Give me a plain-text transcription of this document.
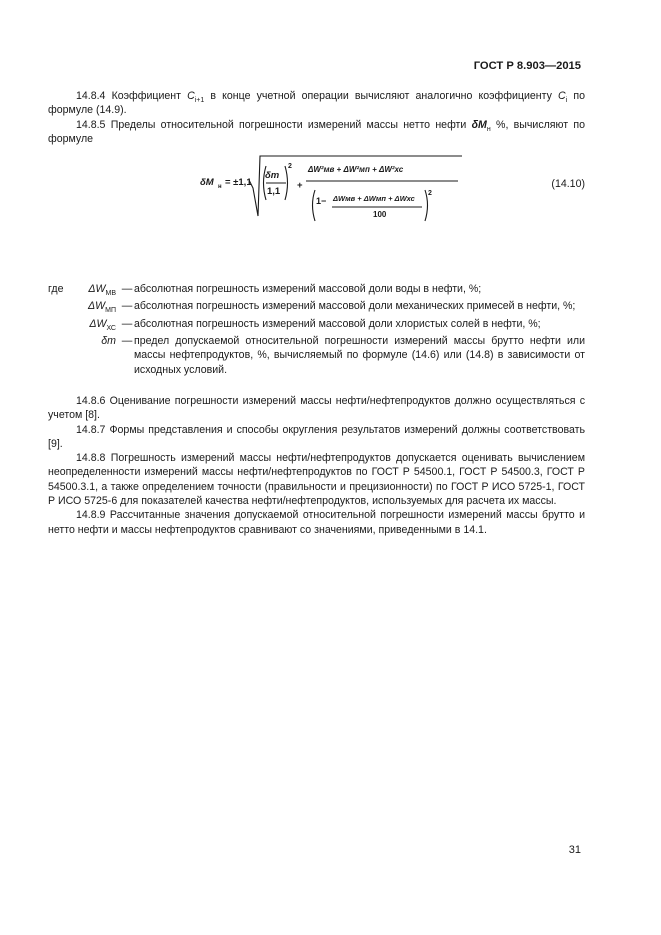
ГОСТ Р 8.903—2015

14.8.4 Коэффициент $C_{i+1}$ в конце учетной операции вычисляют аналогично коэффициенту $C_i$ по формуле (14.9).

14.8.5 Пределы относительной погрешности измерений массы нетто нефти $\delta M_н$ %, вычисляют по формуле

δM н = ±1,1
δm
1,1
2
+
ΔW²мв + ΔW²мп + ΔW²хс
1− ΔWмв + ΔWмп + ΔWхс
100
2
(14.10)
где	$\Delta W_{МВ}$ — абсолютная погрешность измерений массовой доли воды в нефти, %;
$\Delta W_{МП}$ — абсолютная погрешность измерений массовой доли механических примесей в нефти, %;
$\Delta W_{ХС}$ — абсолютная погрешность измерений массовой доли хлористых солей в нефти, %;
δm — предел допускаемой относительной погрешности измерений массы брутто нефти или массы нефтепродуктов, %, вычисляемый по формуле (14.6) или (14.8) в зависимости от исходных условий.

14.8.6 Оценивание погрешности измерений массы нефти/нефтепродуктов должно осуществляться с учетом [8].

14.8.7 Формы представления и способы округления результатов измерений должны соответствовать [9].

14.8.8 Погрешность измерений массы нефти/нефтепродуктов допускается оценивать вычислением неопределенности измерений массы нефти/нефтепродуктов по ГОСТ Р 54500.1, ГОСТ Р 54500.3, ГОСТ Р 54500.3.1, а также определением точности (правильности и прецизионности) по ГОСТ Р ИСО 5725-1, ГОСТ Р ИСО 5725-6 для показателей качества нефти/нефтепродуктов, используемых для расчета их массы.

14.8.9 Рассчитанные значения допускаемой относительной погрешности измерений массы брутто и нетто нефти и массы нефтепродуктов сравнивают со значениями, приведенными в 14.1.

31
